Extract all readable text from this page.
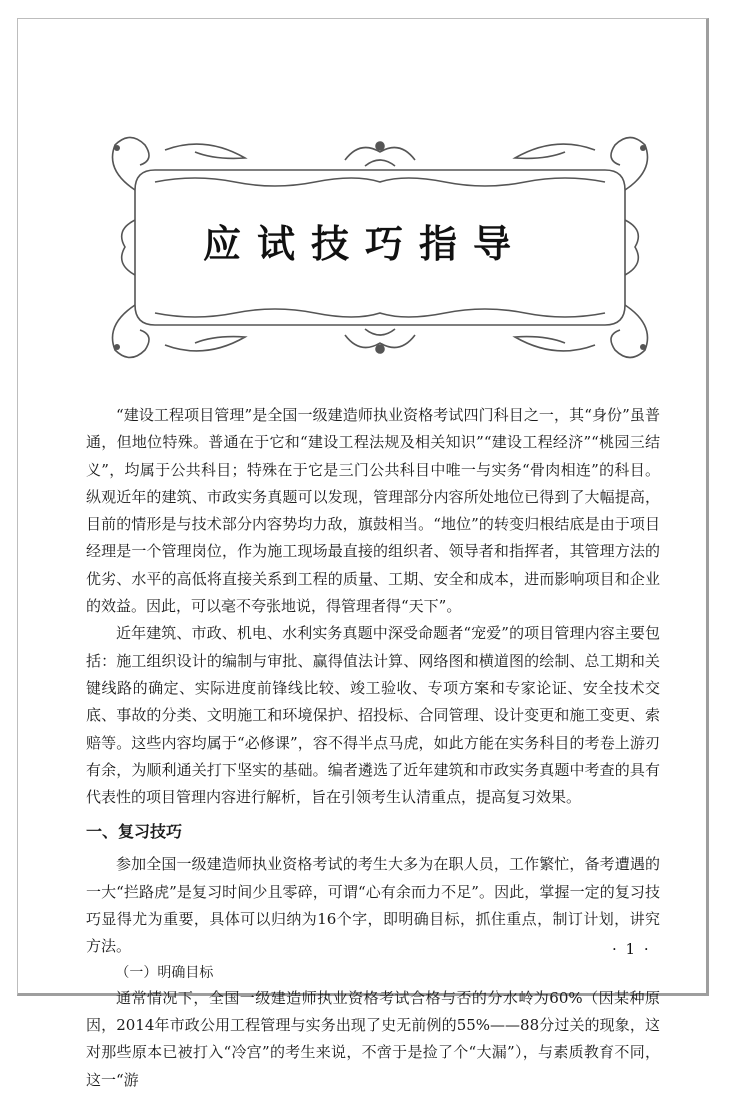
应试技巧指导

“建设工程项目管理”是全国一级建造师执业资格考试四门科目之一，其“身份”虽普通，但地位特殊。普通在于它和“建设工程法规及相关知识”“建设工程经济”“桃园三结义”，均属于公共科目；特殊在于它是三门公共科目中唯一与实务“骨肉相连”的科目。纵观近年的建筑、市政实务真题可以发现，管理部分内容所处地位已得到了大幅提高，目前的情形是与技术部分内容势均力敌，旗鼓相当。“地位”的转变归根结底是由于项目经理是一个管理岗位，作为施工现场最直接的组织者、领导者和指挥者，其管理方法的优劣、水平的高低将直接关系到工程的质量、工期、安全和成本，进而影响项目和企业的效益。因此，可以毫不夸张地说，得管理者得“天下”。

近年建筑、市政、机电、水利实务真题中深受命题者“宠爱”的项目管理内容主要包括：施工组织设计的编制与审批、赢得值法计算、网络图和横道图的绘制、总工期和关键线路的确定、实际进度前锋线比较、竣工验收、专项方案和专家论证、安全技术交底、事故的分类、文明施工和环境保护、招投标、合同管理、设计变更和施工变更、索赔等。这些内容均属于“必修课”，容不得半点马虎，如此方能在实务科目的考卷上游刃有余，为顺利通关打下坚实的基础。编者遴选了近年建筑和市政实务真题中考查的具有代表性的项目管理内容进行解析，旨在引领考生认清重点，提高复习效果。

一、复习技巧

参加全国一级建造师执业资格考试的考生大多为在职人员，工作繁忙，备考遭遇的一大“拦路虎”是复习时间少且零碎，可谓“心有余而力不足”。因此，掌握一定的复习技巧显得尤为重要，具体可以归纳为16个字，即明确目标，抓住重点，制订计划，讲究方法。

（一）明确目标

通常情况下，全国一级建造师执业资格考试合格与否的分水岭为60%（因某种原因，2014年市政公用工程管理与实务出现了史无前例的55%——88分过关的现象，这对那些原本已被打入“冷宫”的考生来说，不啻于是捡了个“大漏”），与素质教育不同，这一“游

· 1 ·
